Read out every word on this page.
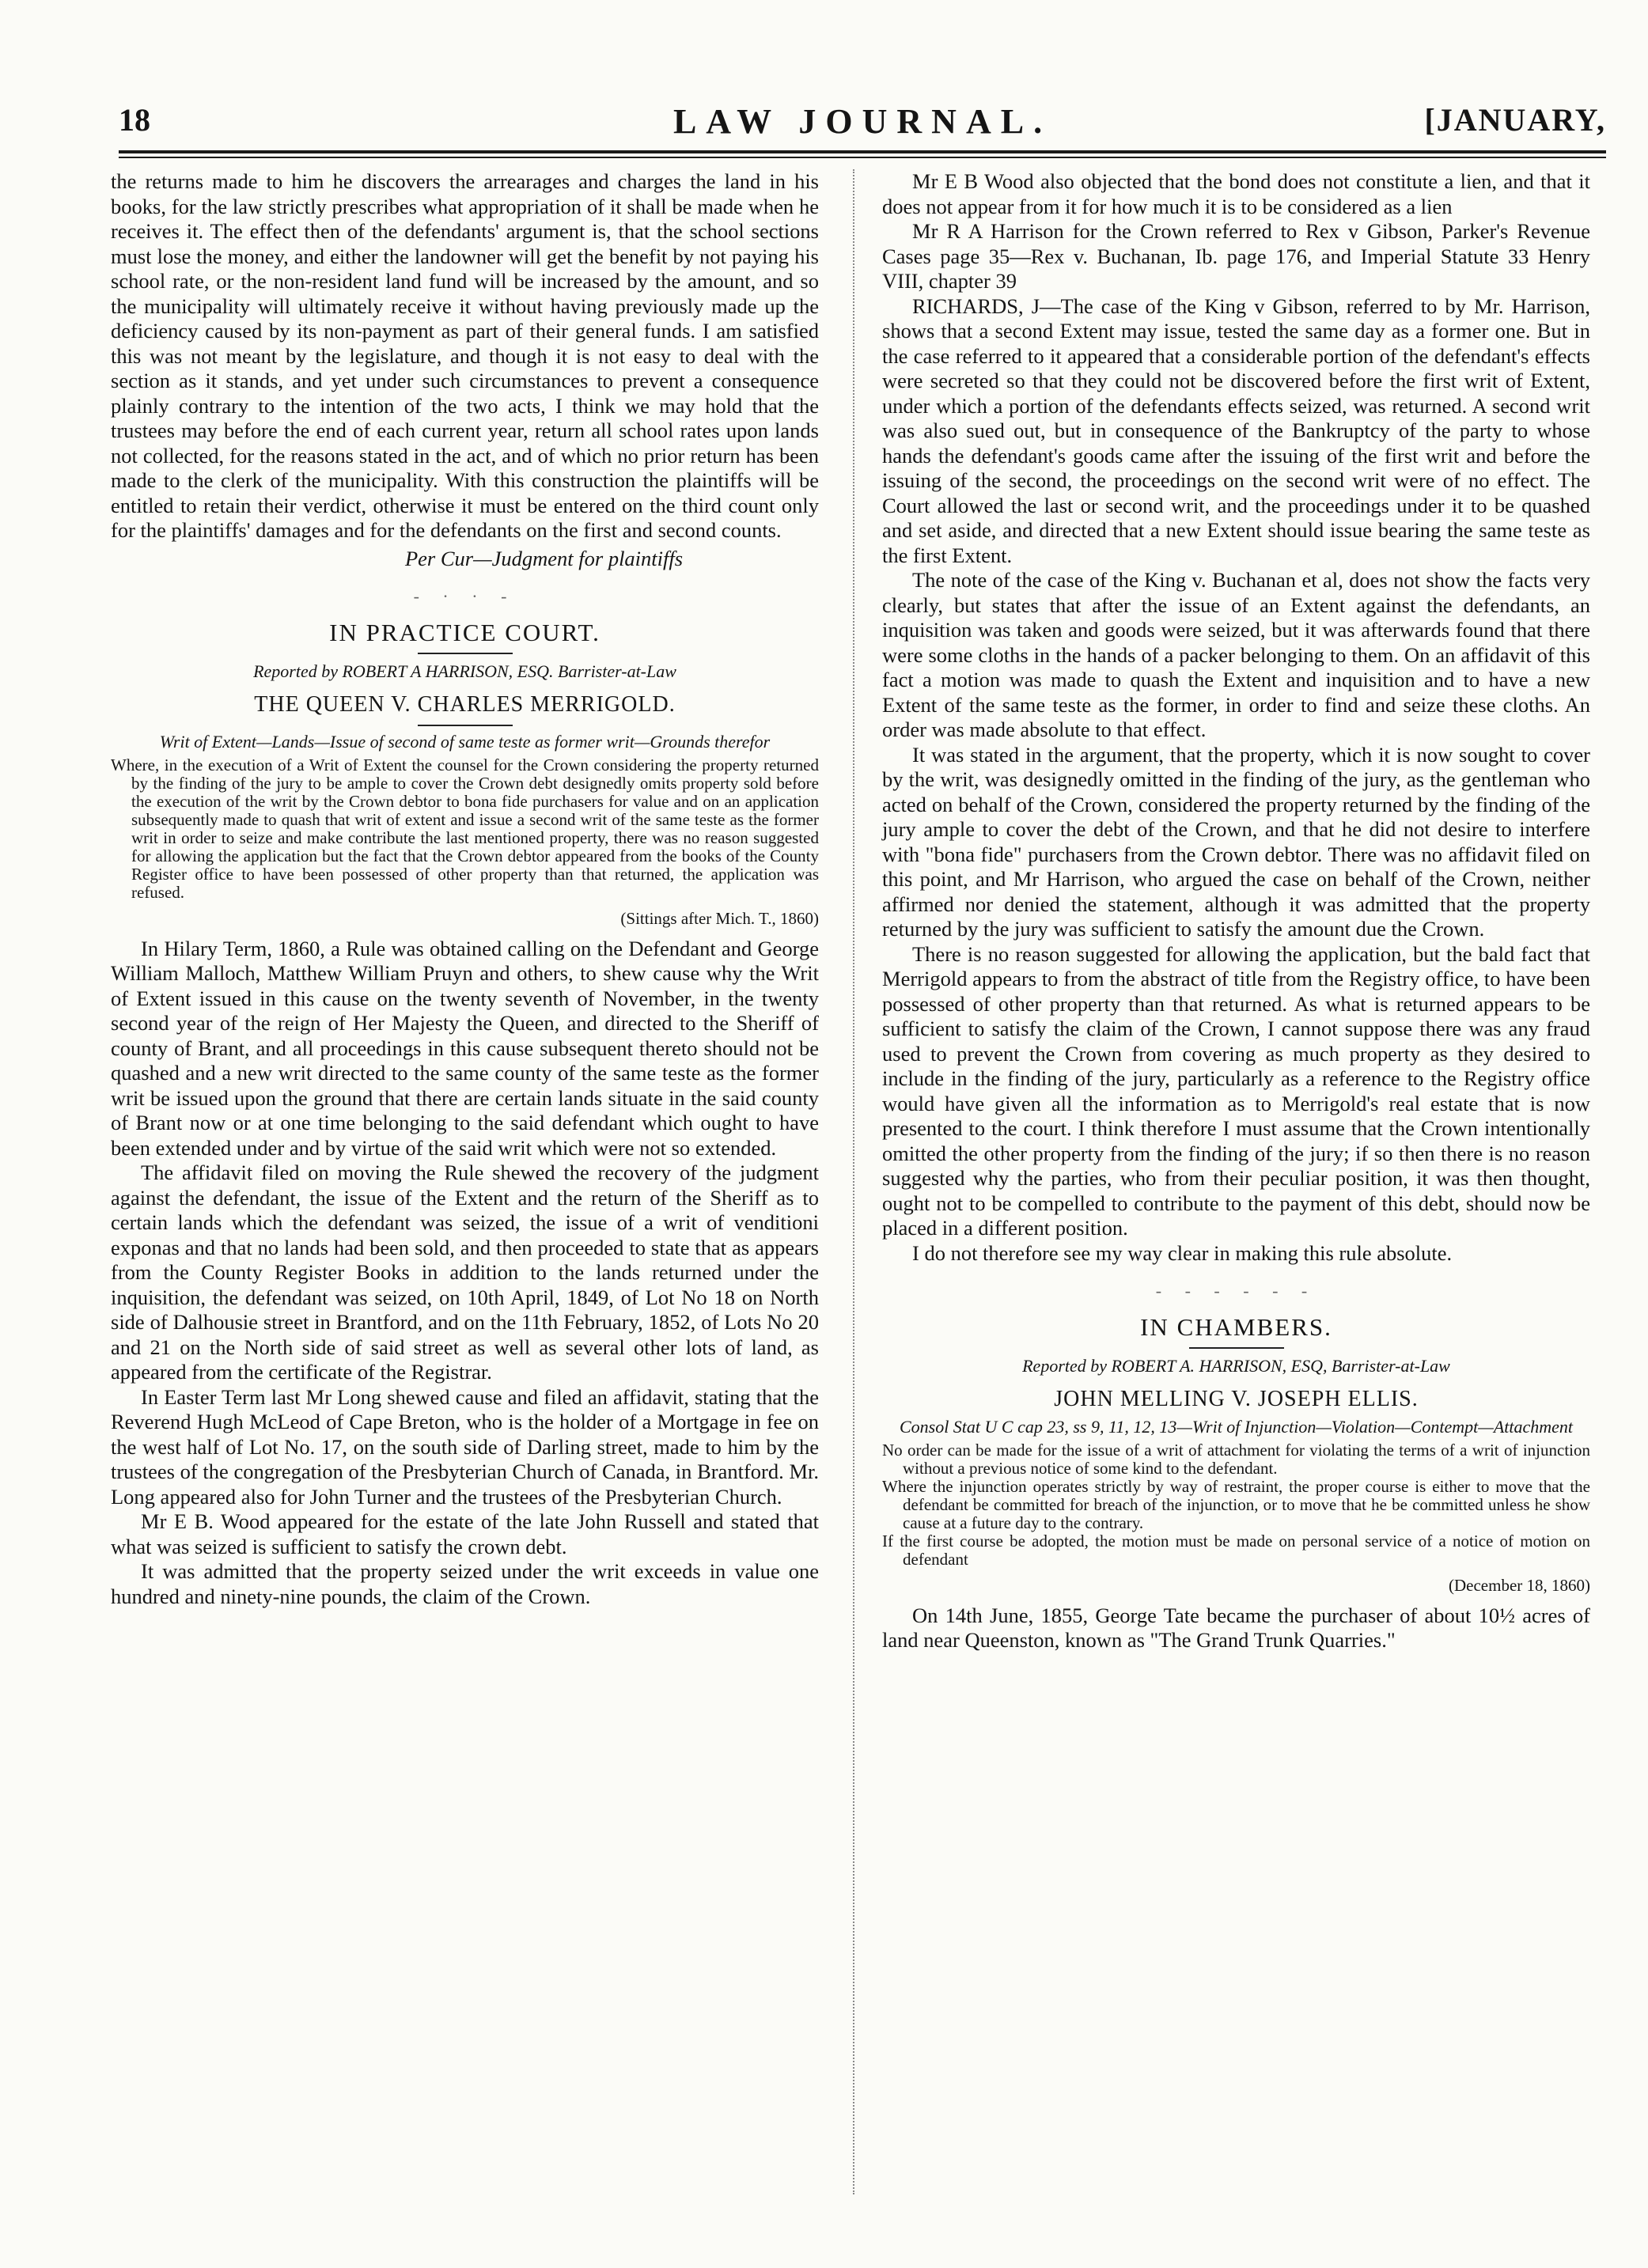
LAW JOURNAL.
18	[JANUARY,

the returns made to him he discovers the arrearages and charges the land in his books, for the law strictly prescribes what appropriation of it shall be made when he receives it. The effect then of the defendants' argument is, that the school sections must lose the money, and either the landowner will get the benefit by not paying his school rate, or the non-resident land fund will be increased by the amount, and so the municipality will ultimately receive it without having previously made up the deficiency caused by its non-payment as part of their general funds. I am satisfied this was not meant by the legislature, and though it is not easy to deal with the section as it stands, and yet under such circumstances to prevent a consequence plainly contrary to the intention of the two acts, I think we may hold that the trustees may before the end of each current year, return all school rates upon lands not collected, for the reasons stated in the act, and of which no prior return has been made to the clerk of the municipality. With this construction the plaintiffs will be entitled to retain their verdict, otherwise it must be entered on the third count only for the plaintiffs' damages and for the defendants on the first and second counts.

Per Cur—Judgment for plaintiffs

- · · -

IN PRACTICE COURT.

Reported by ROBERT A HARRISON, ESQ. Barrister-at-Law

THE QUEEN V. CHARLES MERRIGOLD.

Writ of Extent—Lands—Issue of second of same teste as former writ—Grounds therefor

Where, in the execution of a Writ of Extent the counsel for the Crown considering the property returned by the finding of the jury to be ample to cover the Crown debt designedly omits property sold before the execution of the writ by the Crown debtor to bona fide purchasers for value and on an application subsequently made to quash that writ of extent and issue a second writ of the same teste as the former writ in order to seize and make contribute the last mentioned property, there was no reason suggested for allowing the application but the fact that the Crown debtor appeared from the books of the County Register office to have been possessed of other property than that returned, the application was refused.

(Sittings after Mich. T., 1860)

In Hilary Term, 1860, a Rule was obtained calling on the Defendant and George William Malloch, Matthew William Pruyn and others, to shew cause why the Writ of Extent issued in this cause on the twenty seventh of November, in the twenty second year of the reign of Her Majesty the Queen, and directed to the Sheriff of county of Brant, and all proceedings in this cause subsequent thereto should not be quashed and a new writ directed to the same county of the same teste as the former writ be issued upon the ground that there are certain lands situate in the said county of Brant now or at one time belonging to the said defendant which ought to have been extended under and by virtue of the said writ which were not so extended.

The affidavit filed on moving the Rule shewed the recovery of the judgment against the defendant, the issue of the Extent and the return of the Sheriff as to certain lands which the defendant was seized, the issue of a writ of venditioni exponas and that no lands had been sold, and then proceeded to state that as appears from the County Register Books in addition to the lands returned under the inquisition, the defendant was seized, on 10th April, 1849, of Lot No 18 on North side of Dalhousie street in Brantford, and on the 11th February, 1852, of Lots No 20 and 21 on the North side of said street as well as several other lots of land, as appeared from the certificate of the Registrar.

In Easter Term last Mr Long shewed cause and filed an affidavit, stating that the Reverend Hugh McLeod of Cape Breton, who is the holder of a Mortgage in fee on the west half of Lot No. 17, on the south side of Darling street, made to him by the trustees of the congregation of the Presbyterian Church of Canada, in Brantford. Mr. Long appeared also for John Turner and the trustees of the Presbyterian Church.

Mr E B. Wood appeared for the estate of the late John Russell and stated that what was seized is sufficient to satisfy the crown debt.

It was admitted that the property seized under the writ exceeds in value one hundred and ninety-nine pounds, the claim of the Crown.

Mr E B Wood also objected that the bond does not constitute a lien, and that it does not appear from it for how much it is to be considered as a lien

Mr R A Harrison for the Crown referred to Rex v Gibson, Parker's Revenue Cases page 35—Rex v. Buchanan, Ib. page 176, and Imperial Statute 33 Henry VIII, chapter 39

RICHARDS, J—The case of the King v Gibson, referred to by Mr. Harrison, shows that a second Extent may issue, tested the same day as a former one. But in the case referred to it appeared that a considerable portion of the defendant's effects were secreted so that they could not be discovered before the first writ of Extent, under which a portion of the defendants effects seized, was returned. A second writ was also sued out, but in consequence of the Bankruptcy of the party to whose hands the defendant's goods came after the issuing of the first writ and before the issuing of the second, the proceedings on the second writ were of no effect. The Court allowed the last or second writ, and the proceedings under it to be quashed and set aside, and directed that a new Extent should issue bearing the same teste as the first Extent.

The note of the case of the King v. Buchanan et al, does not show the facts very clearly, but states that after the issue of an Extent against the defendants, an inquisition was taken and goods were seized, but it was afterwards found that there were some cloths in the hands of a packer belonging to them. On an affidavit of this fact a motion was made to quash the Extent and inquisition and to have a new Extent of the same teste as the former, in order to find and seize these cloths. An order was made absolute to that effect.

It was stated in the argument, that the property, which it is now sought to cover by the writ, was designedly omitted in the finding of the jury, as the gentleman who acted on behalf of the Crown, considered the property returned by the finding of the jury ample to cover the debt of the Crown, and that he did not desire to interfere with "bona fide" purchasers from the Crown debtor. There was no affidavit filed on this point, and Mr Harrison, who argued the case on behalf of the Crown, neither affirmed nor denied the statement, although it was admitted that the property returned by the jury was sufficient to satisfy the amount due the Crown.

There is no reason suggested for allowing the application, but the bald fact that Merrigold appears to from the abstract of title from the Registry office, to have been possessed of other property than that returned. As what is returned appears to be sufficient to satisfy the claim of the Crown, I cannot suppose there was any fraud used to prevent the Crown from covering as much property as they desired to include in the finding of the jury, particularly as a reference to the Registry office would have given all the information as to Merrigold's real estate that is now presented to the court. I think therefore I must assume that the Crown intentionally omitted the other property from the finding of the jury; if so then there is no reason suggested why the parties, who from their peculiar position, it was then thought, ought not to be compelled to contribute to the payment of this debt, should now be placed in a different position.

I do not therefore see my way clear in making this rule absolute.

- - - - - -

IN CHAMBERS.

Reported by ROBERT A. HARRISON, ESQ, Barrister-at-Law

JOHN MELLING V. JOSEPH ELLIS.

Consol Stat U C cap 23, ss 9, 11, 12, 13—Writ of Injunction—Violation—Contempt—Attachment

No order can be made for the issue of a writ of attachment for violating the terms of a writ of injunction without a previous notice of some kind to the defendant.

Where the injunction operates strictly by way of restraint, the proper course is either to move that the defendant be committed for breach of the injunction, or to move that he be committed unless he show cause at a future day to the contrary.

If the first course be adopted, the motion must be made on personal service of a notice of motion on defendant

(December 18, 1860)

On 14th June, 1855, George Tate became the purchaser of about 10½ acres of land near Queenston, known as "The Grand Trunk Quarries."
